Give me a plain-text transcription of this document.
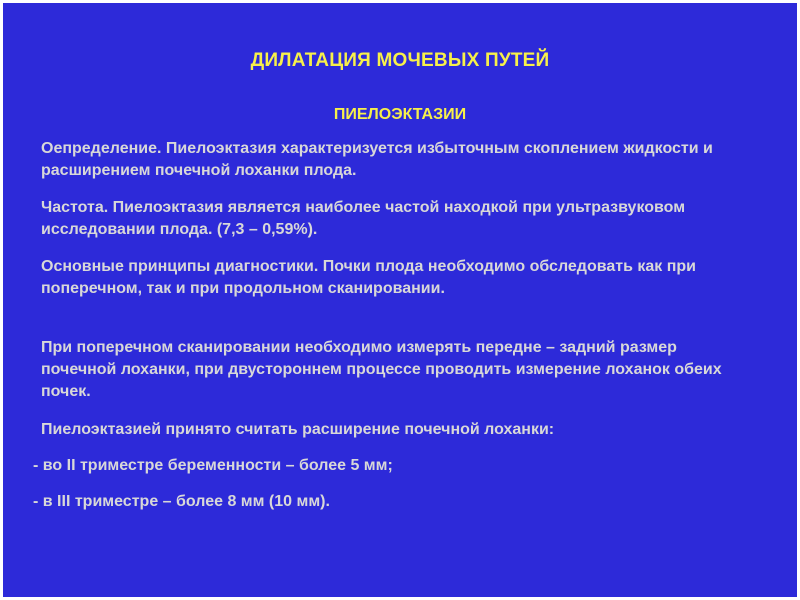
ДИЛАТАЦИЯ МОЧЕВЫХ ПУТЕЙ
ПИЕЛОЭКТАЗИИ

Оепределение. Пиелоэктазия характеризуется избыточным скоплением жидкости и расширением почечной лоханки плода.

Частота. Пиелоэктазия является наиболее частой находкой при ультразвуковом исследовании плода. (7,3 – 0,59%).

Основные принципы диагностики. Почки плода необходимо обследовать как при поперечном, так и при продольном сканировании.

При поперечном сканировании необходимо измерять передне – задний размер почечной лоханки, при двустороннем процессе проводить измерение лоханок обеих почек.

Пиелоэктазией принято считать расширение почечной лоханки:

- во II триместре беременности – более 5 мм;
- в III триместре – более 8 мм (10 мм).
